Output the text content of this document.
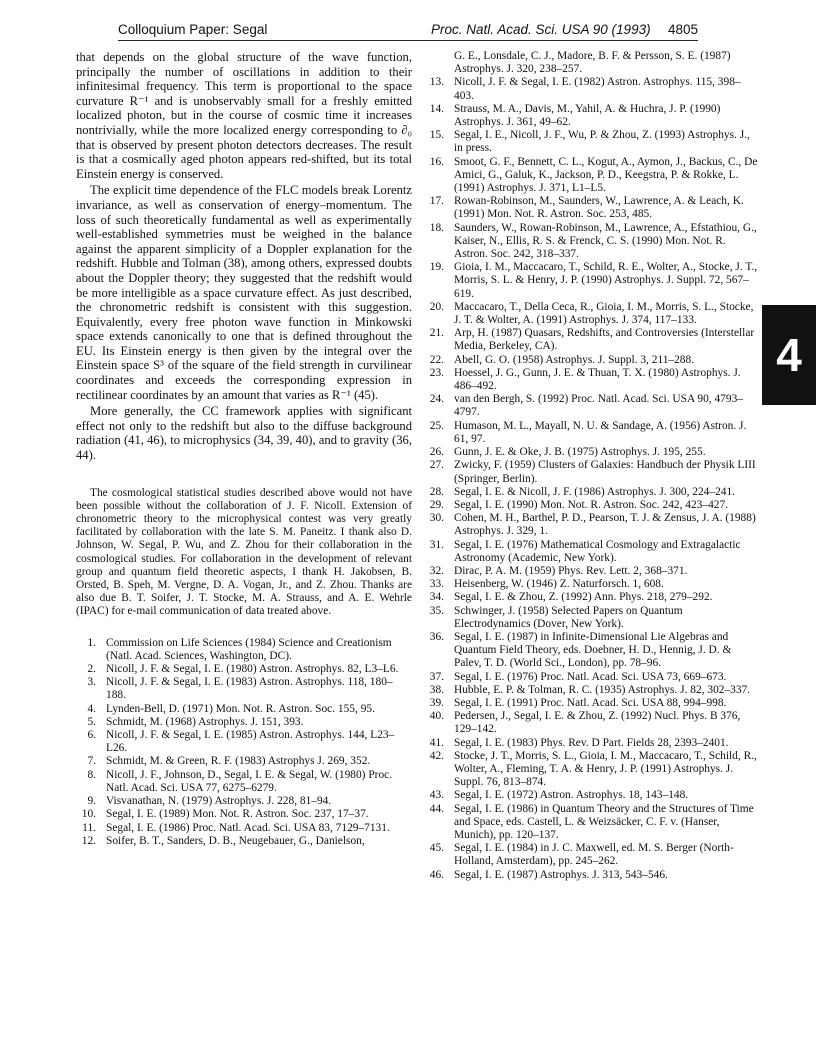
Colloquium Paper: Segal	Proc. Natl. Acad. Sci. USA 90 (1993) 4805
4

that depends on the global structure of the wave function, principally the number of oscillations in addition to their infinitesimal frequency. This term is proportional to the space curvature R⁻¹ and is unobservably small for a freshly emitted localized photon, but in the course of cosmic time it increases nontrivially, while the more localized energy corresponding to ∂₀ that is observed by present photon detectors decreases. The result is that a cosmically aged photon appears red-shifted, but its total Einstein energy is conserved.

The explicit time dependence of the FLC models break Lorentz invariance, as well as conservation of energy–momentum. The loss of such theoretically fundamental as well as experimentally well-established symmetries must be weighed in the balance against the apparent simplicity of a Doppler explanation for the redshift. Hubble and Tolman (38), among others, expressed doubts about the Doppler theory; they suggested that the redshift would be more intelligible as a space curvature effect. As just described, the chronometric redshift is consistent with this suggestion. Equivalently, every free photon wave function in Minkowski space extends canonically to one that is defined throughout the EU. Its Einstein energy is then given by the integral over the Einstein space S³ of the square of the field strength in curvilinear coordinates and exceeds the corresponding expression in rectilinear coordinates by an amount that varies as R⁻¹ (45).

More generally, the CC framework applies with significant effect not only to the redshift but also to the diffuse background radiation (41, 46), to microphysics (34, 39, 40), and to gravity (36, 44).

The cosmological statistical studies described above would not have been possible without the collaboration of J. F. Nicoll. Extension of chronometric theory to the microphysical contest was very greatly facilitated by collaboration with the late S. M. Paneitz. I thank also D. Johnson, W. Segal, P. Wu, and Z. Zhou for their collaboration in the cosmological studies. For collaboration in the development of relevant group and quantum field theoretic aspects, I thank H. Jakobsen, B. Orsted, B. Speh, M. Vergne, D. A. Vogan, Jr., and Z. Zhou. Thanks are also due B. T. Soifer, J. T. Stocke, M. A. Strauss, and A. E. Wehrle (IPAC) for e-mail communication of data treated above.

1. Commission on Life Sciences (1984) Science and Creationism (Natl. Acad. Sciences, Washington, DC).
2. Nicoll, J. F. & Segal, I. E. (1980) Astron. Astrophys. 82, L3–L6.
3. Nicoll, J. F. & Segal, I. E. (1983) Astron. Astrophys. 118, 180–188.
4. Lynden-Bell, D. (1971) Mon. Not. R. Astron. Soc. 155, 95.
5. Schmidt, M. (1968) Astrophys. J. 151, 393.
6. Nicoll, J. F. & Segal, I. E. (1985) Astron. Astrophys. 144, L23–L26.
7. Schmidt, M. & Green, R. F. (1983) Astrophys J. 269, 352.
8. Nicoll, J. F., Johnson, D., Segal, I. E. & Segal, W. (1980) Proc. Natl. Acad. Sci. USA 77, 6275–6279.
9. Visvanathan, N. (1979) Astrophys. J. 228, 81–94.
10. Segal, I. E. (1989) Mon. Not. R. Astron. Soc. 237, 17–37.
11. Segal, I. E. (1986) Proc. Natl. Acad. Sci. USA 83, 7129–7131.
12. Soifer, B. T., Sanders, D. B., Neugebauer, G., Danielson,
G. E., Lonsdale, C. J., Madore, B. F. & Persson, S. E. (1987) Astrophys. J. 320, 238–257.
13. Nicoll, J. F. & Segal, I. E. (1982) Astron. Astrophys. 115, 398–403.
14. Strauss, M. A., Davis, M., Yahil, A. & Huchra, J. P. (1990) Astrophys. J. 361, 49–62.
15. Segal, I. E., Nicoll, J. F., Wu, P. & Zhou, Z. (1993) Astrophys. J., in press.
16. Smoot, G. F., Bennett, C. L., Kogut, A., Aymon, J., Backus, C., De Amici, G., Galuk, K., Jackson, P. D., Keegstra, P. & Rokke, L. (1991) Astrophys. J. 371, L1–L5.
17. Rowan-Robinson, M., Saunders, W., Lawrence, A. & Leach, K. (1991) Mon. Not. R. Astron. Soc. 253, 485.
18. Saunders, W., Rowan-Robinson, M., Lawrence, A., Efstathiou, G., Kaiser, N., Ellis, R. S. & Frenck, C. S. (1990) Mon. Not. R. Astron. Soc. 242, 318–337.
19. Gioia, I. M., Maccacaro, T., Schild, R. E., Wolter, A., Stocke, J. T., Morris, S. L. & Henry, J. P. (1990) Astrophys. J. Suppl. 72, 567–619.
20. Maccacaro, T., Della Ceca, R., Gioia, I. M., Morris, S. L., Stocke, J. T. & Wolter, A. (1991) Astrophys. J. 374, 117–133.
21. Arp, H. (1987) Quasars, Redshifts, and Controversies (Interstellar Media, Berkeley, CA).
22. Abell, G. O. (1958) Astrophys. J. Suppl. 3, 211–288.
23. Hoessel, J. G., Gunn, J. E. & Thuan, T. X. (1980) Astrophys. J. 486–492.
24. van den Bergh, S. (1992) Proc. Natl. Acad. Sci. USA 90, 4793–4797.
25. Humason, M. L., Mayall, N. U. & Sandage, A. (1956) Astron. J. 61, 97.
26. Gunn, J. E. & Oke, J. B. (1975) Astrophys. J. 195, 255.
27. Zwicky, F. (1959) Clusters of Galaxies: Handbuch der Physik LIII (Springer, Berlin).
28. Segal, I. E. & Nicoll, J. F. (1986) Astrophys. J. 300, 224–241.
29. Segal, I. E. (1990) Mon. Not. R. Astron. Soc. 242, 423–427.
30. Cohen, M. H., Barthel, P. D., Pearson, T. J. & Zensus, J. A. (1988) Astrophys. J. 329, 1.
31. Segal, I. E. (1976) Mathematical Cosmology and Extragalactic Astronomy (Academic, New York).
32. Dirac, P. A. M. (1959) Phys. Rev. Lett. 2, 368–371.
33. Heisenberg, W. (1946) Z. Naturforsch. 1, 608.
34. Segal, I. E. & Zhou, Z. (1992) Ann. Phys. 218, 279–292.
35. Schwinger, J. (1958) Selected Papers on Quantum Electrodynamics (Dover, New York).
36. Segal, I. E. (1987) in Infinite-Dimensional Lie Algebras and Quantum Field Theory, eds. Doebner, H. D., Hennig, J. D. & Palev, T. D. (World Sci., London), pp. 78–96.
37. Segal, I. E. (1976) Proc. Natl. Acad. Sci. USA 73, 669–673.
38. Hubble, E. P. & Tolman, R. C. (1935) Astrophys. J. 82, 302–337.
39. Segal, I. E. (1991) Proc. Natl. Acad. Sci. USA 88, 994–998.
40. Pedersen, J., Segal, I. E. & Zhou, Z. (1992) Nucl. Phys. B 376, 129–142.
41. Segal, I. E. (1983) Phys. Rev. D Part. Fields 28, 2393–2401.
42. Stocke, J. T., Morris, S. L., Gioia, I. M., Maccacaro, T., Schild, R., Wolter, A., Fleming, T. A. & Henry, J. P. (1991) Astrophys. J. Suppl. 76, 813–874.
43. Segal, I. E. (1972) Astron. Astrophys. 18, 143–148.
44. Segal, I. E. (1986) in Quantum Theory and the Structures of Time and Space, eds. Castell, L. & Weizsäcker, C. F. v. (Hanser, Munich), pp. 120–137.
45. Segal, I. E. (1984) in J. C. Maxwell, ed. M. S. Berger (North-Holland, Amsterdam), pp. 245–262.
46. Segal, I. E. (1987) Astrophys. J. 313, 543–546.
